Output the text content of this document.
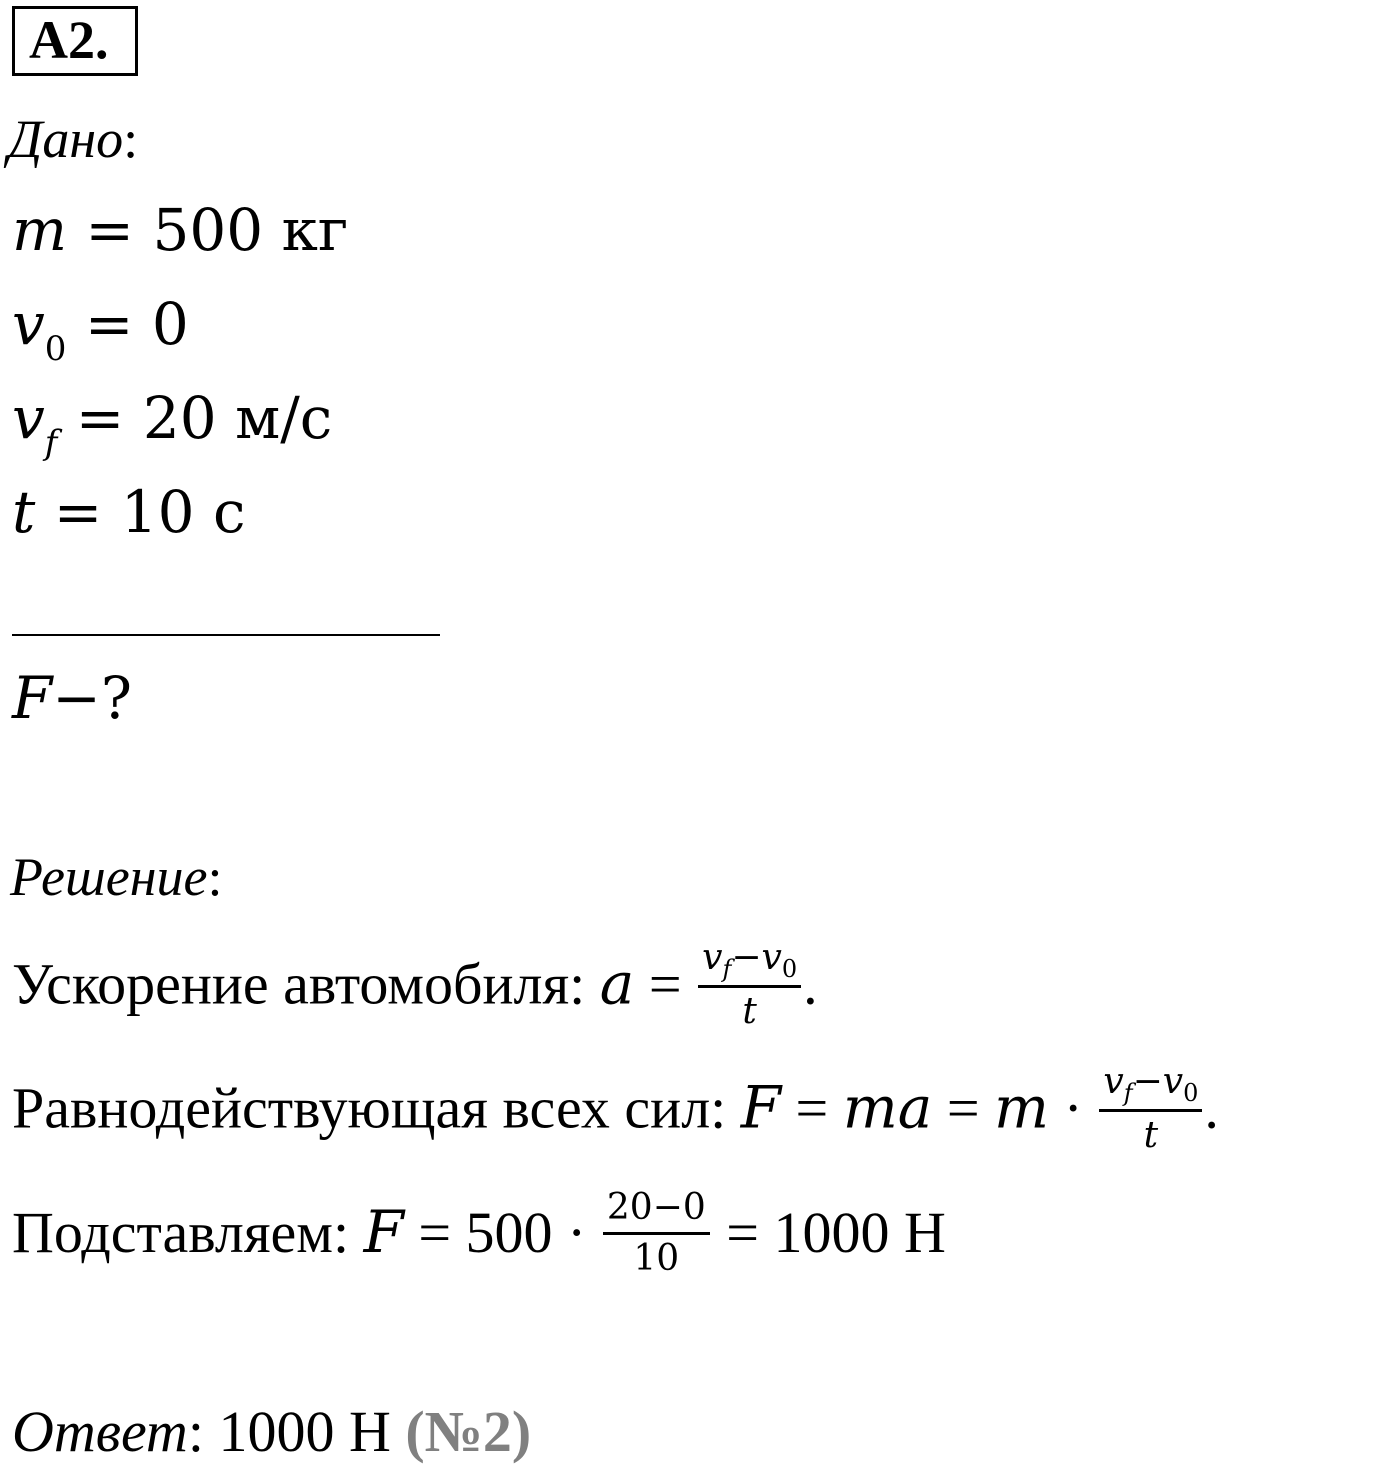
А2.
Дано:
m = 500 кг
$v_0 = 0$
$v_f = 20$ м/с
t = 10 с
F−?
Решение:
Ускорение автомобиля: $a = \frac{v_f-v_0}{t}$ .
Равнодействующая всех сил: F = ma = $m \cdot \frac{v_f-v_0}{t}$ .
Подставляем: $F = 500 \cdot \frac{20-0}{10} = 1000$ Н
Ответ: 1000 Н (№2)
